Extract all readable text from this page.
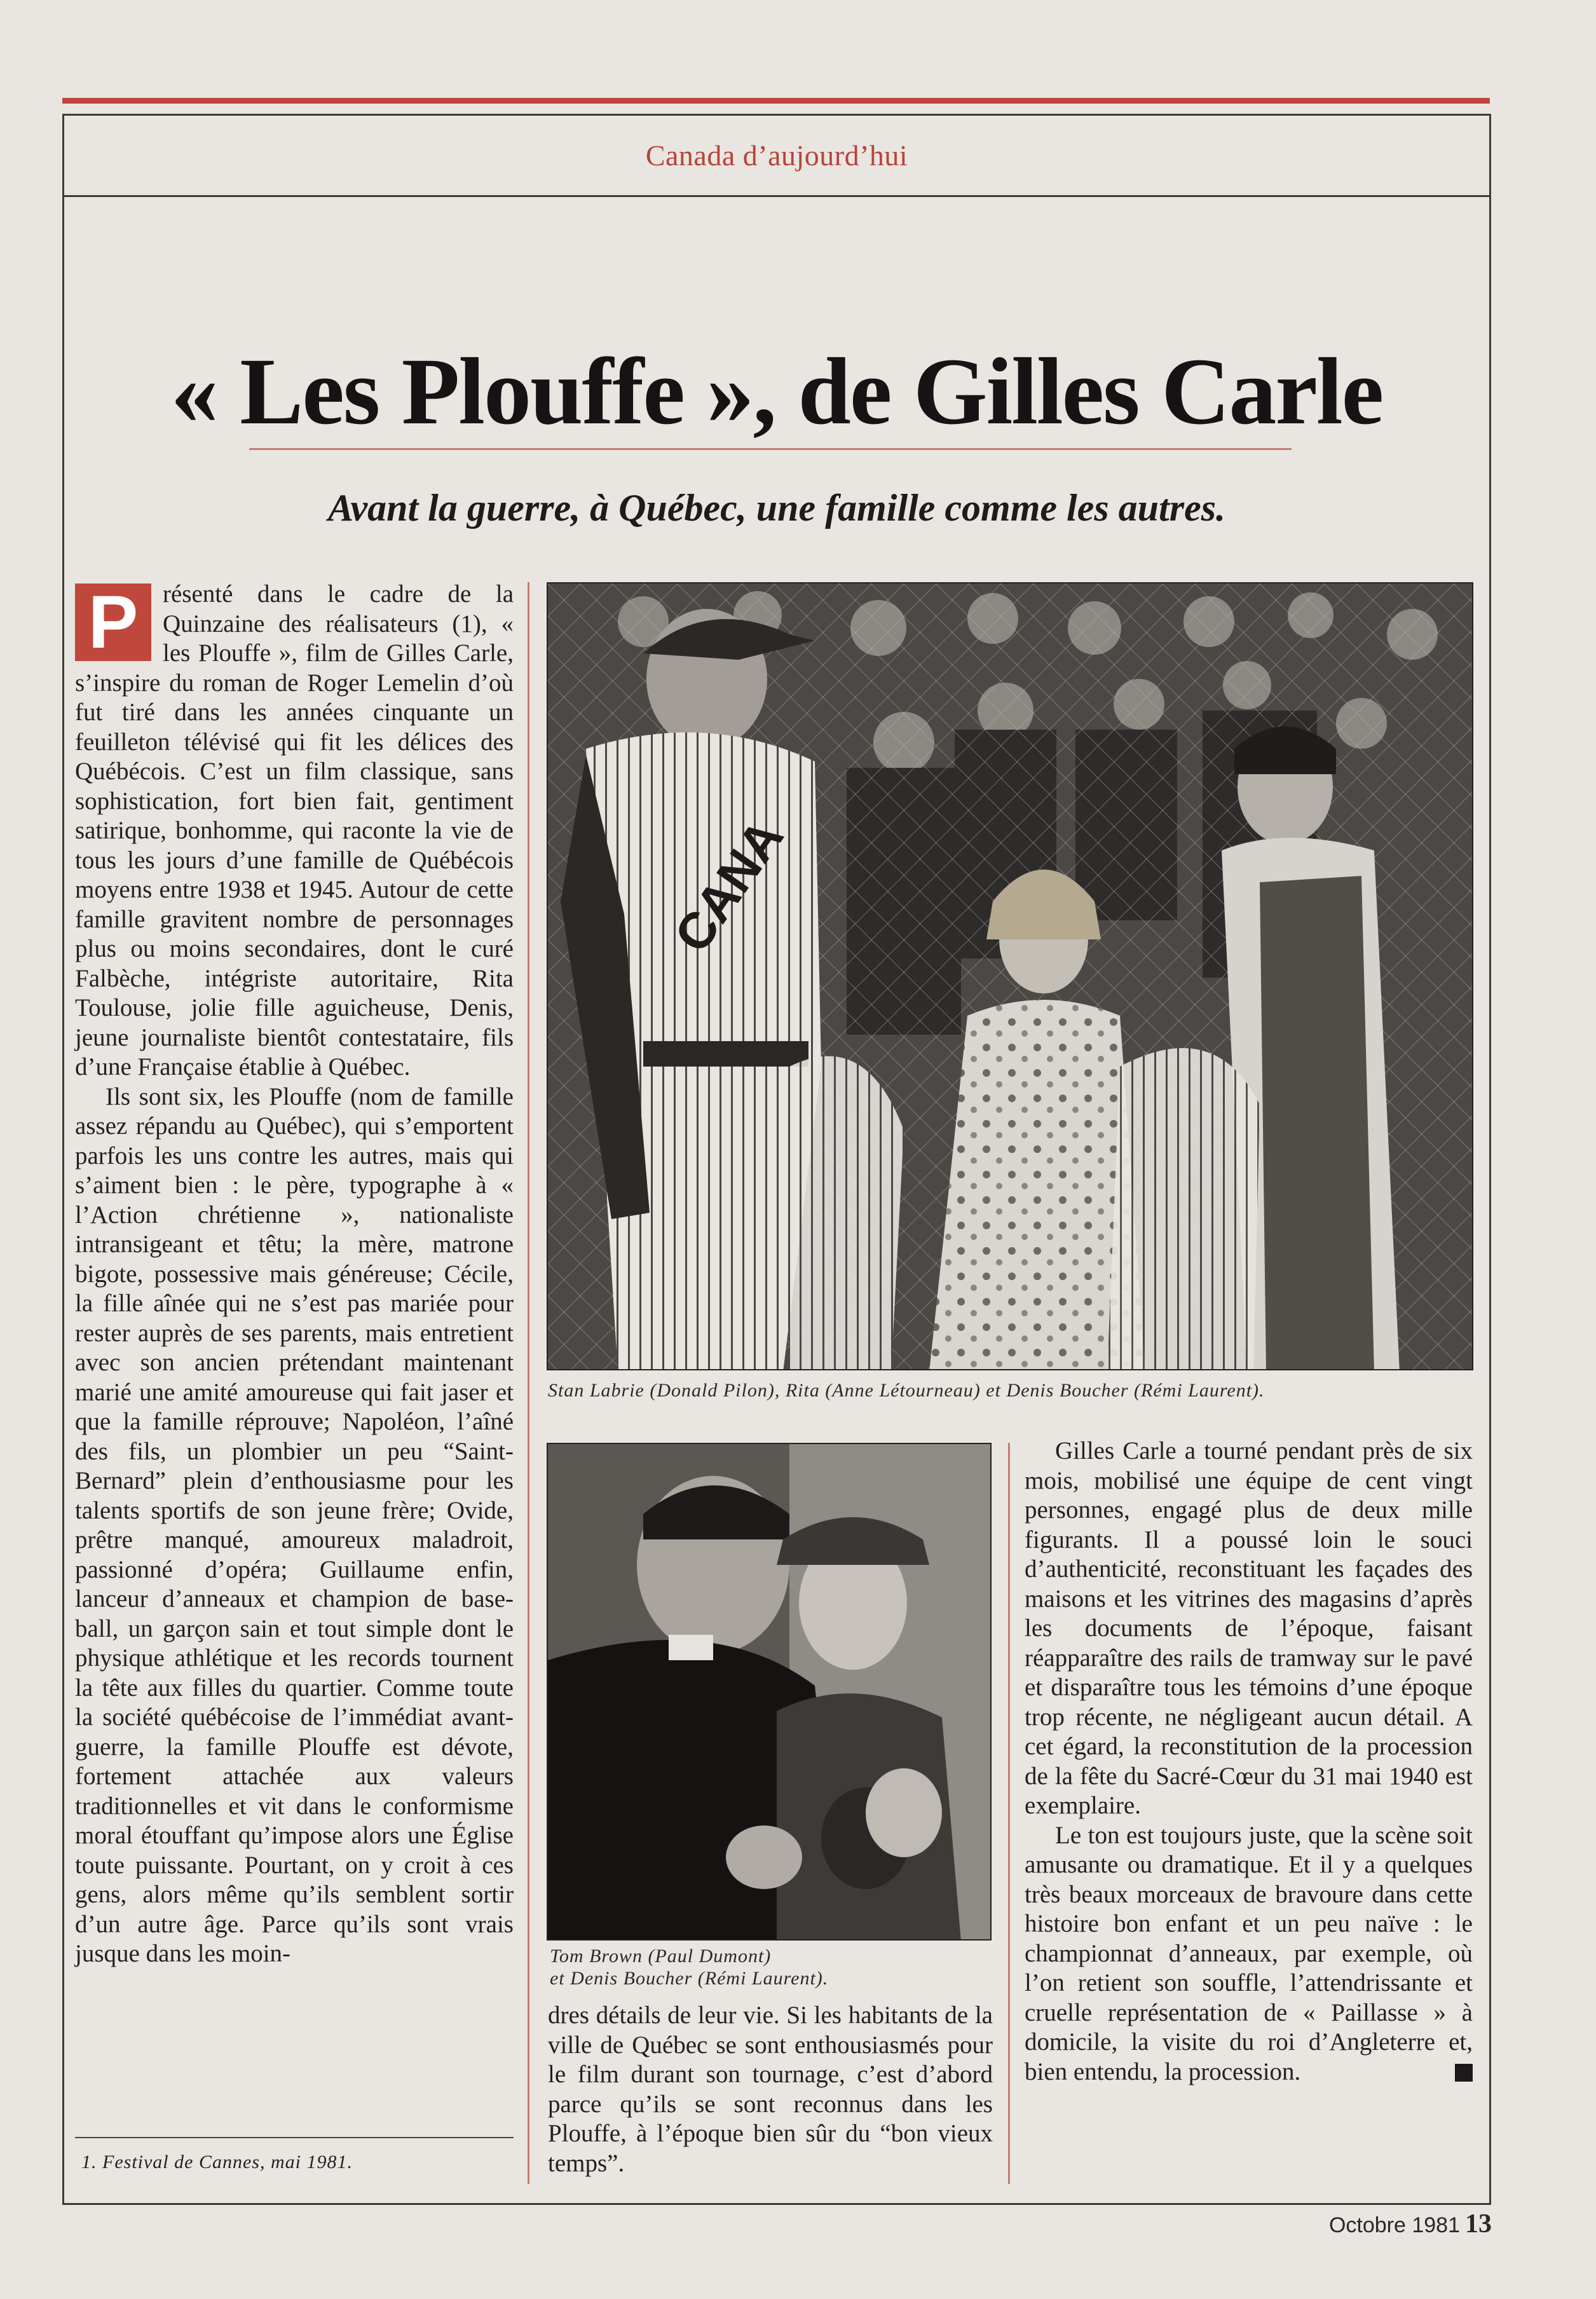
Canada d’aujourd’hui
« Les Plouffe », de Gilles Carle
Avant la guerre, à Québec, une famille comme les autres.

P résenté dans le cadre de la Quinzaine des réalisateurs (1), « les Plouffe », film de Gilles Carle, s’inspire du roman de Roger Lemelin d’où fut tiré dans les années cinquante un feuilleton télévisé qui fit les délices des Québécois. C’est un film classique, sans sophistication, fort bien fait, gentiment satirique, bonhomme, qui raconte la vie de tous les jours d’une famille de Québécois moyens entre 1938 et 1945. Autour de cette famille gravitent nombre de personnages plus ou moins secondaires, dont le curé Falbèche, intégriste autoritaire, Rita Toulouse, jolie fille aguicheuse, Denis, jeune journaliste bientôt contestataire, fils d’une Française établie à Québec.

Ils sont six, les Plouffe (nom de famille assez répandu au Québec), qui s’emportent parfois les uns contre les autres, mais qui s’aiment bien : le père, typographe à « l’Action chrétienne », nationaliste intransigeant et têtu; la mère, matrone bigote, possessive mais généreuse; Cécile, la fille aînée qui ne s’est pas mariée pour rester auprès de ses parents, mais entretient avec son ancien prétendant maintenant marié une amité amoureuse qui fait jaser et que la famille réprouve; Napoléon, l’aîné des fils, un plombier un peu “Saint-Bernard” plein d’enthousiasme pour les talents sportifs de son jeune frère; Ovide, prêtre manqué, amoureux maladroit, passionné d’opéra; Guillaume enfin, lanceur d’anneaux et champion de base-ball, un garçon sain et tout simple dont le physique athlétique et les records tournent la tête aux filles du quartier. Comme toute la société québécoise de l’immédiat avant-guerre, la famille Plouffe est dévote, fortement attachée aux valeurs traditionnelles et vit dans le conformisme moral étouffant qu’impose alors une Église toute puissante. Pourtant, on y croit à ces gens, alors même qu’ils semblent sortir d’un autre âge. Parce qu’ils sont vrais jusque dans les moin-

1. Festival de Cannes, mai 1981.
CANA
Stan Labrie (Donald Pilon), Rita (Anne Létourneau) et Denis Boucher (Rémi Laurent).
Tom Brown (Paul Dumont)
et Denis Boucher (Rémi Laurent).

dres détails de leur vie. Si les habitants de la ville de Québec se sont enthousiasmés pour le film durant son tournage, c’est d’abord parce qu’ils se sont reconnus dans les Plouffe, à l’époque bien sûr du “bon vieux temps”.

Gilles Carle a tourné pendant près de six mois, mobilisé une équipe de cent vingt personnes, engagé plus de deux mille figurants. Il a poussé loin le souci d’authenticité, reconstituant les façades des maisons et les vitrines des magasins d’après les documents de l’époque, faisant réapparaître des rails de tramway sur le pavé et disparaître tous les témoins d’une époque trop récente, ne négligeant aucun détail. A cet égard, la reconstitution de la procession de la fête du Sacré-Cœur du 31 mai 1940 est exemplaire.

Le ton est toujours juste, que la scène soit amusante ou dramatique. Et il y a quelques très beaux morceaux de bravoure dans cette histoire bon enfant et un peu naïve : le championnat d’anneaux, par exemple, où l’on retient son souffle, l’attendrissante et cruelle représentation de « Paillasse » à domicile, la visite du roi d’Angleterre et, bien entendu, la procession.

Octobre 1981 13
